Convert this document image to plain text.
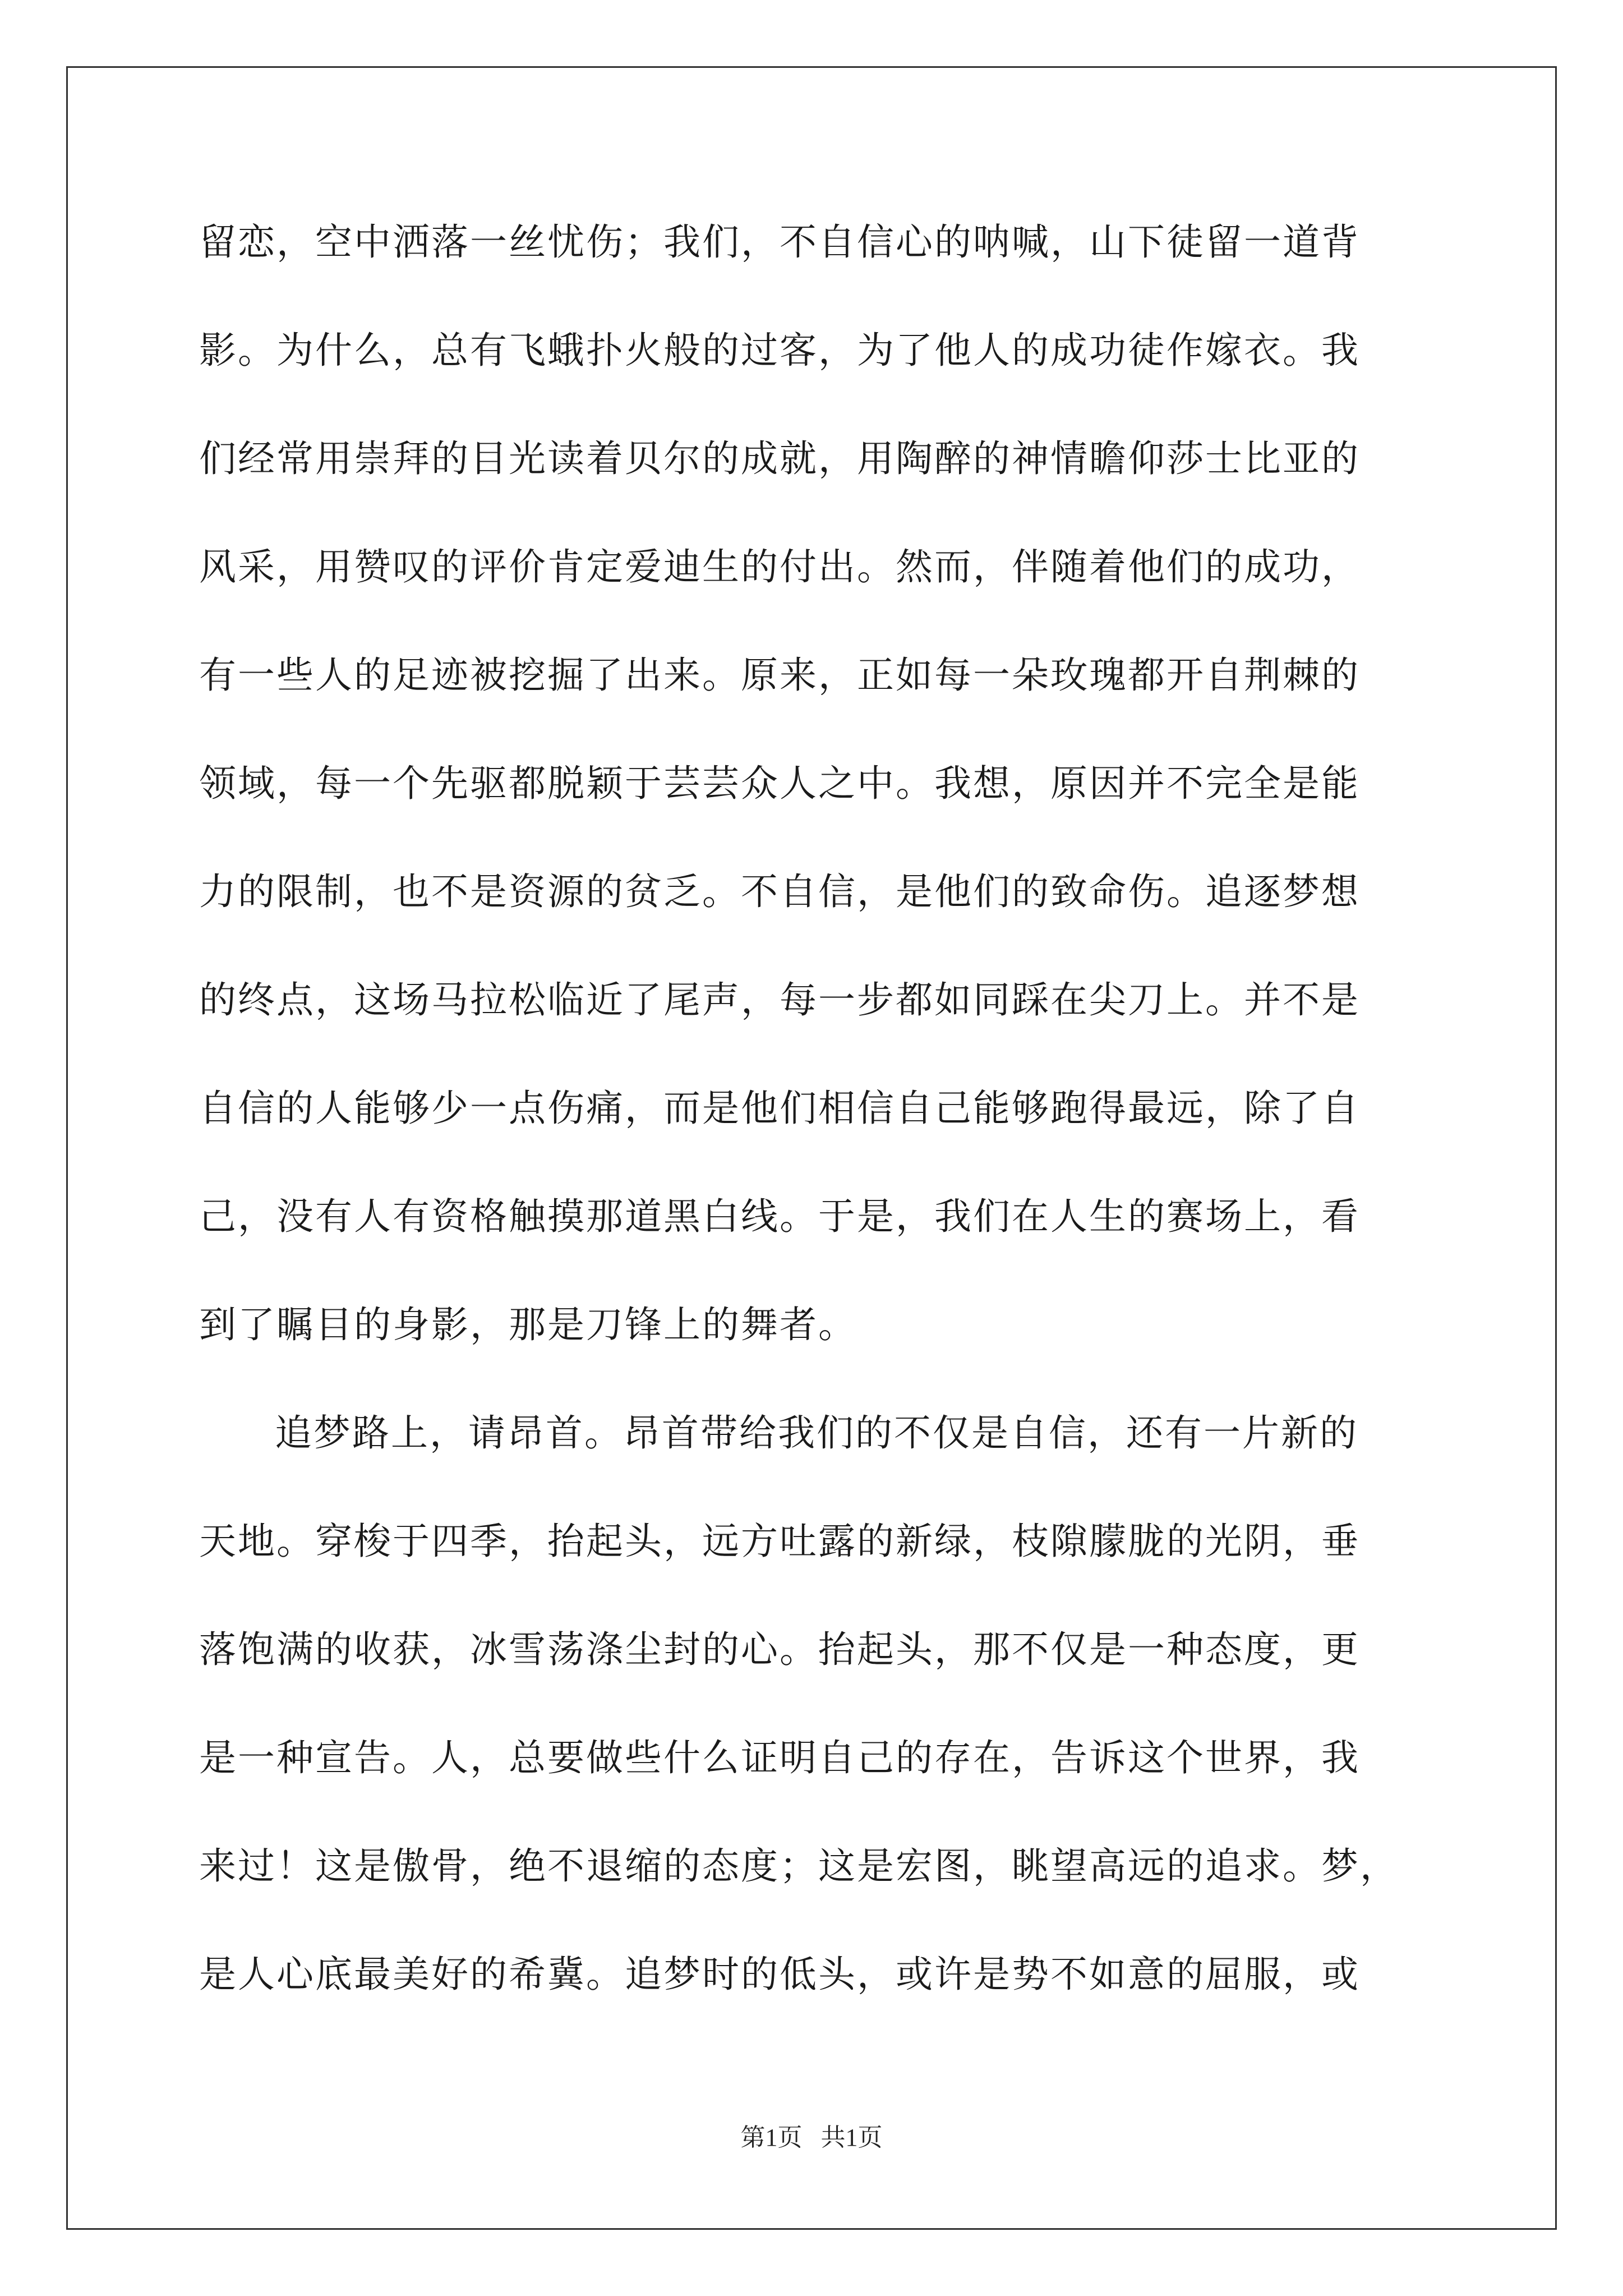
留恋，空中洒落一丝忧伤；我们，不自信心的呐喊，山下徒留一道背
影。为什么，总有飞蛾扑火般的过客，为了他人的成功徒作嫁衣。我
们经常用崇拜的目光读着贝尔的成就，用陶醉的神情瞻仰莎士比亚的
风采，用赞叹的评价肯定爱迪生的付出。然而，伴随着他们的成功，
有一些人的足迹被挖掘了出来。原来，正如每一朵玫瑰都开自荆棘的
领域，每一个先驱都脱颖于芸芸众人之中。我想，原因并不完全是能
力的限制，也不是资源的贫乏。不自信，是他们的致命伤。追逐梦想
的终点，这场马拉松临近了尾声，每一步都如同踩在尖刀上。并不是
自信的人能够少一点伤痛，而是他们相信自己能够跑得最远，除了自
己，没有人有资格触摸那道黑白线。于是，我们在人生的赛场上，看
到了瞩目的身影，那是刀锋上的舞者。
追梦路上，请昂首。昂首带给我们的不仅是自信，还有一片新的
天地。穿梭于四季，抬起头，远方吐露的新绿，枝隙朦胧的光阴，垂
落饱满的收获，冰雪荡涤尘封的心。抬起头，那不仅是一种态度，更
是一种宣告。人，总要做些什么证明自己的存在，告诉这个世界，我
来过！这是傲骨，绝不退缩的态度；这是宏图，眺望高远的追求。梦，
是人心底最美好的希冀。追梦时的低头，或许是势不如意的屈服，或
第1页   共1页
